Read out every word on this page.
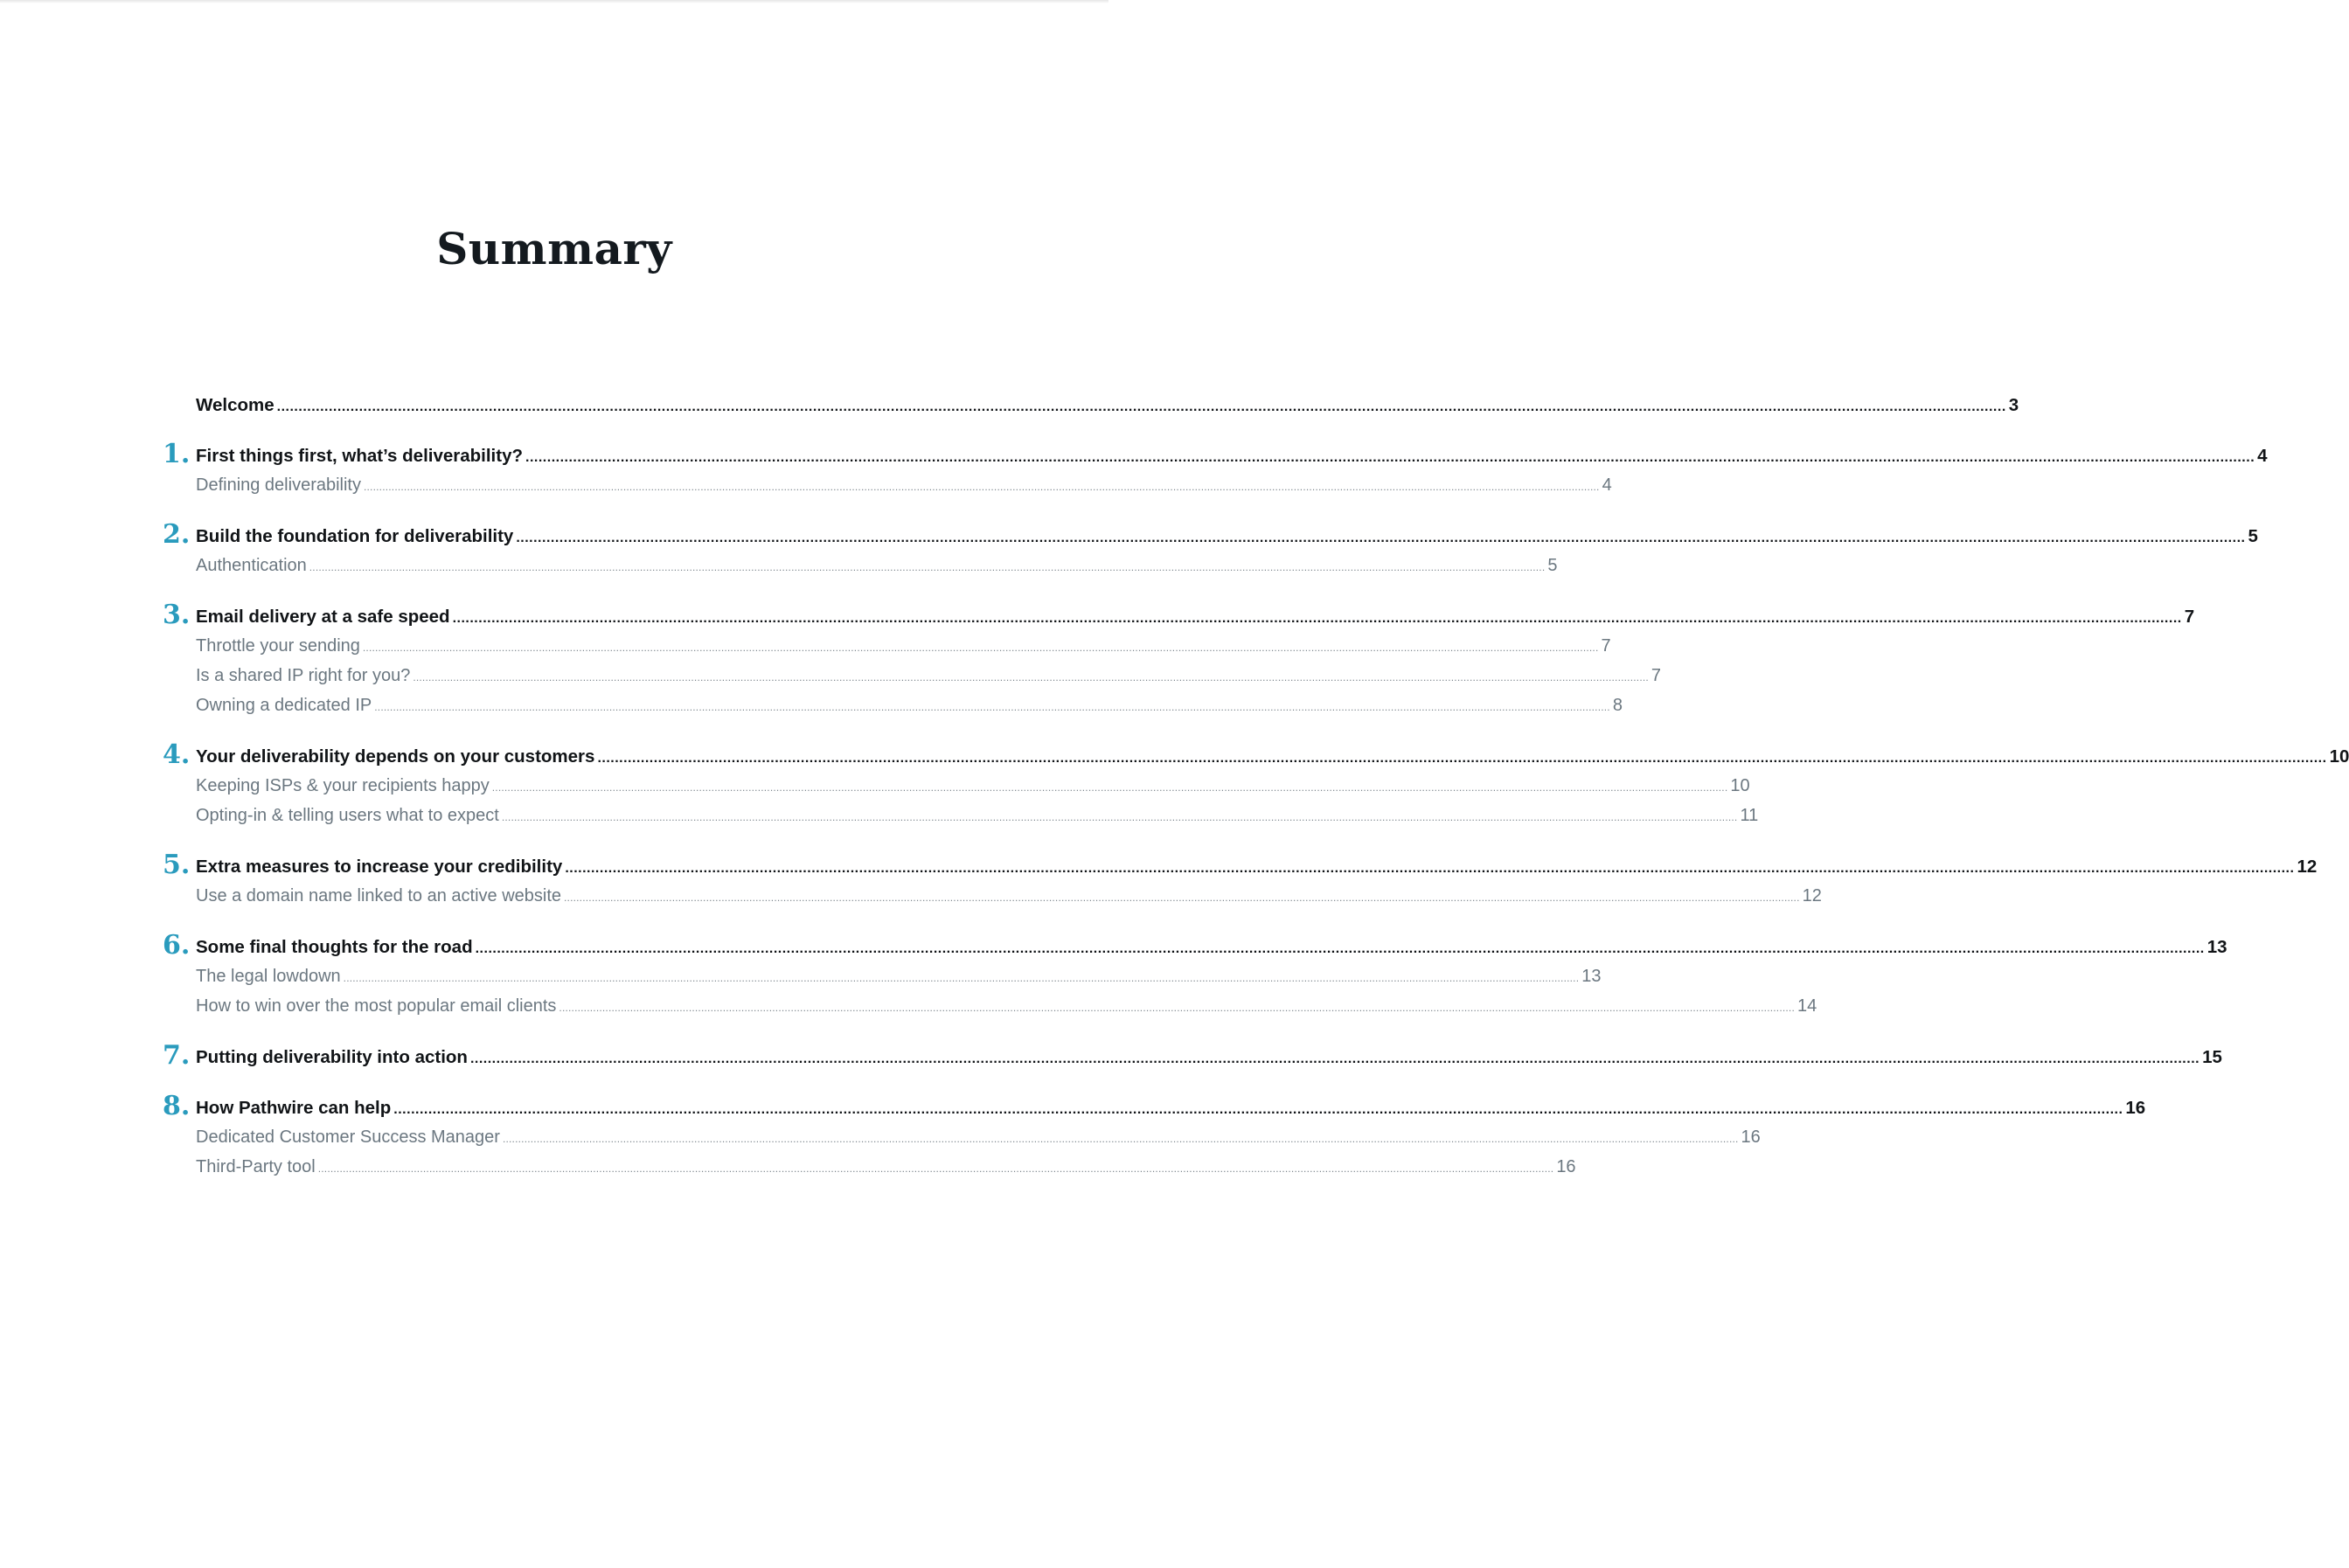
Summary
Welcome ................................................................................................................................................................................................................................................................................................................................................................................................................ 3
1. First things first, what’s deliverability? ................................................................................................................................................................................................................................................................................................................................................................................................................ 4
Defining deliverability ................................................................................................................................................................................................................................................................................................................................................................................................................ 4
2. Build the foundation for deliverability ................................................................................................................................................................................................................................................................................................................................................................................................................ 5
Authentication ................................................................................................................................................................................................................................................................................................................................................................................................................ 5
3. Email delivery at a safe speed ................................................................................................................................................................................................................................................................................................................................................................................................................ 7
Throttle your sending ................................................................................................................................................................................................................................................................................................................................................................................................................ 7
Is a shared IP right for you? ................................................................................................................................................................................................................................................................................................................................................................................................................ 7
Owning a dedicated IP ................................................................................................................................................................................................................................................................................................................................................................................................................ 8
4. Your deliverability depends on your customers ................................................................................................................................................................................................................................................................................................................................................................................................................ 10
Keeping ISPs & your recipients happy ................................................................................................................................................................................................................................................................................................................................................................................................................ 10
Opting-in & telling users what to expect ................................................................................................................................................................................................................................................................................................................................................................................................................ 11
5. Extra measures to increase your credibility ................................................................................................................................................................................................................................................................................................................................................................................................................ 12
Use a domain name linked to an active website ................................................................................................................................................................................................................................................................................................................................................................................................................ 12
6. Some final thoughts for the road ................................................................................................................................................................................................................................................................................................................................................................................................................ 13
The legal lowdown ................................................................................................................................................................................................................................................................................................................................................................................................................ 13
How to win over the most popular email clients ................................................................................................................................................................................................................................................................................................................................................................................................................ 14
7. Putting deliverability into action ................................................................................................................................................................................................................................................................................................................................................................................................................ 15
8. How Pathwire can help ................................................................................................................................................................................................................................................................................................................................................................................................................ 16
Dedicated Customer Success Manager ................................................................................................................................................................................................................................................................................................................................................................................................................ 16
Third-Party tool ................................................................................................................................................................................................................................................................................................................................................................................................................ 16
